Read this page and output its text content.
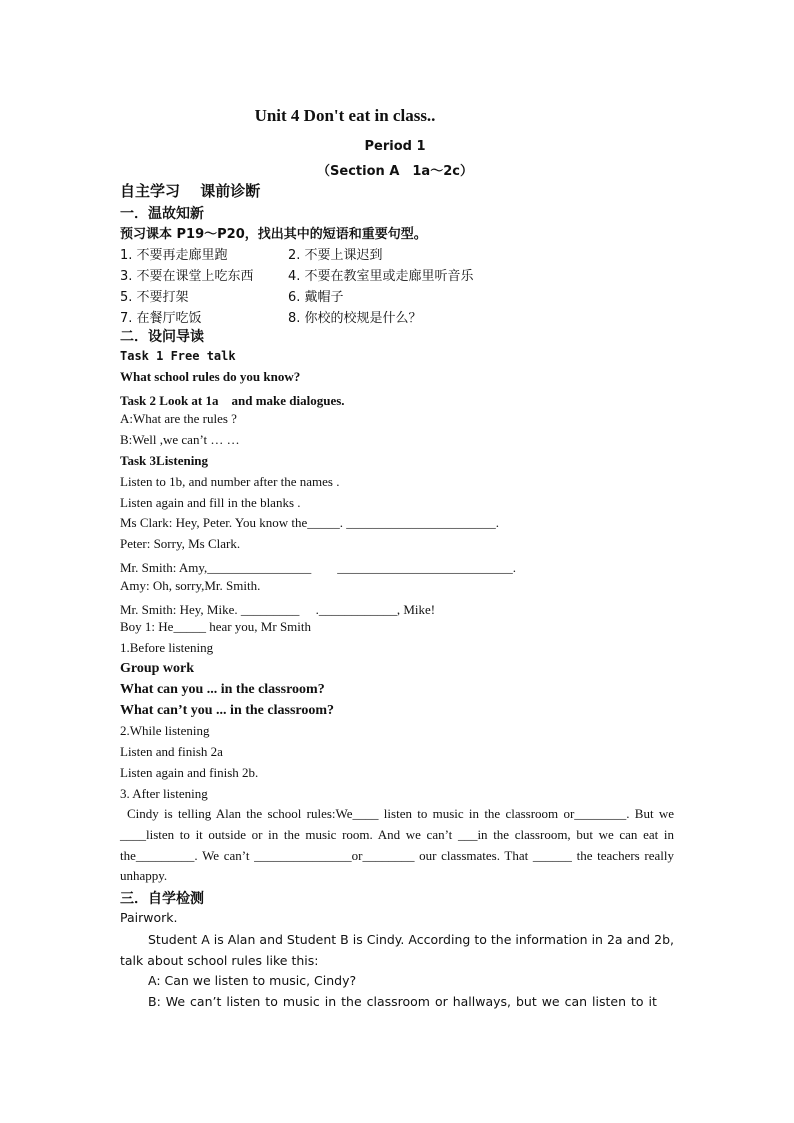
Unit 4 Don't eat in class..
Period 1
（Section A　1a～2c）
自主学习　 课前诊断
一．温故知新
预习课本 P19～P20，找出其中的短语和重要句型。
1. 不要再走廊里跑	2. 不要上课迟到
3. 不要在课堂上吃东西	4. 不要在教室里或走廊里听音乐
5. 不要打架	6. 戴帽子
7. 在餐厅吃饭	8. 你校的校规是什么？
二．设问导读
Task 1 Free talk
What school rules do you know?
Task 2 Look at 1a　and make dialogues.
A:What are the rules ?
B:Well ,we can’t … …
Task 3Listening
Listen to 1b, and number after the names .
Listen again and fill in the blanks .
Ms Clark: Hey, Peter. You know the_____. _______________________.
Peter: Sorry, Ms Clark.
Mr. Smith: Amy,________________　　___________________________.
Amy: Oh, sorry,Mr. Smith.
Mr. Smith: Hey, Mike. _________　 .____________, Mike!
Boy 1: He_____ hear you, Mr Smith
1.Before listening
Group work
What can you ... in the classroom?
What can’t you ... in the classroom?
2.While listening
Listen and finish 2a
Listen again and finish 2b.
3. After listening
Cindy is telling Alan the school rules:We____ listen to music in the classroom or________. But we ____listen to it outside or in the music room. And we can’t ___in the classroom, but we can eat in the_________. We can’t _______________or________ our classmates. That ______ the teachers really unhappy.
三．自学检测
Pairwork.
Student A is Alan and Student B is Cindy. According to the information in 2a and 2b, talk about school rules like this:
A: Can we listen to music, Cindy?
B: We can’t listen to music in the classroom or hallways, but we can listen to it
